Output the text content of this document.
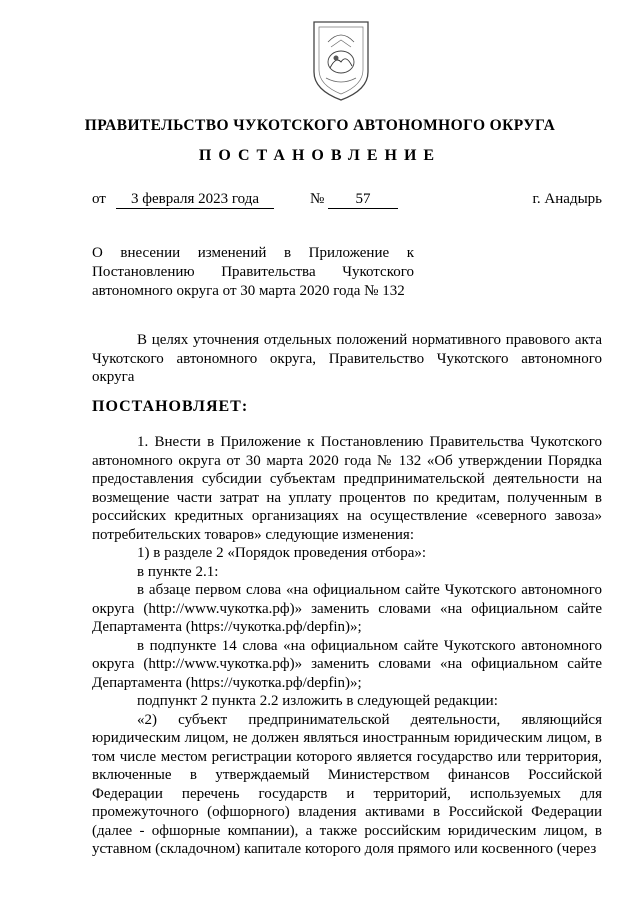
ПРАВИТЕЛЬСТВО ЧУКОТСКОГО АВТОНОМНОГО ОКРУГА
ПОСТАНОВЛЕНИЕ
от	3 февраля 2023 года	№	57	г. Анадырь
О внесении изменений в Приложение к Постановлению Правительства Чукотского автономного округа от 30 марта 2020 года № 132

В целях уточнения отдельных положений нормативного правового акта Чукотского автономного округа, Правительство Чукотского автономного округа

ПОСТАНОВЛЯЕТ:

1. Внести в Приложение к Постановлению Правительства Чукотского автономного округа от 30 марта 2020 года № 132 «Об утверждении Порядка предоставления субсидии субъектам предпринимательской деятельности на возмещение части затрат на уплату процентов по кредитам, полученным в российских кредитных организациях на осуществление «северного завоза» потребительских товаров» следующие изменения:

1) в разделе 2 «Порядок проведения отбора»:

в пункте 2.1:

в абзаце первом слова «на официальном сайте Чукотского автономного округа (http://www.чукотка.рф)» заменить словами «на официальном сайте Департамента (https://чукотка.рф/depfin)»;

в подпункте 14 слова «на официальном сайте Чукотского автономного округа (http://www.чукотка.рф)» заменить словами «на официальном сайте Департамента (https://чукотка.рф/depfin)»;

подпункт 2 пункта 2.2 изложить в следующей редакции:

«2) субъект предпринимательской деятельности, являющийся юридическим лицом, не должен являться иностранным юридическим лицом, в том числе местом регистрации которого является государство или территория, включенные в утверждаемый Министерством финансов Российской Федерации перечень государств и территорий, используемых для промежуточного (офшорного) владения активами в Российской Федерации (далее - офшорные компании), а также российским юридическим лицом, в уставном (складочном) капитале которого доля прямого или косвенного (через
